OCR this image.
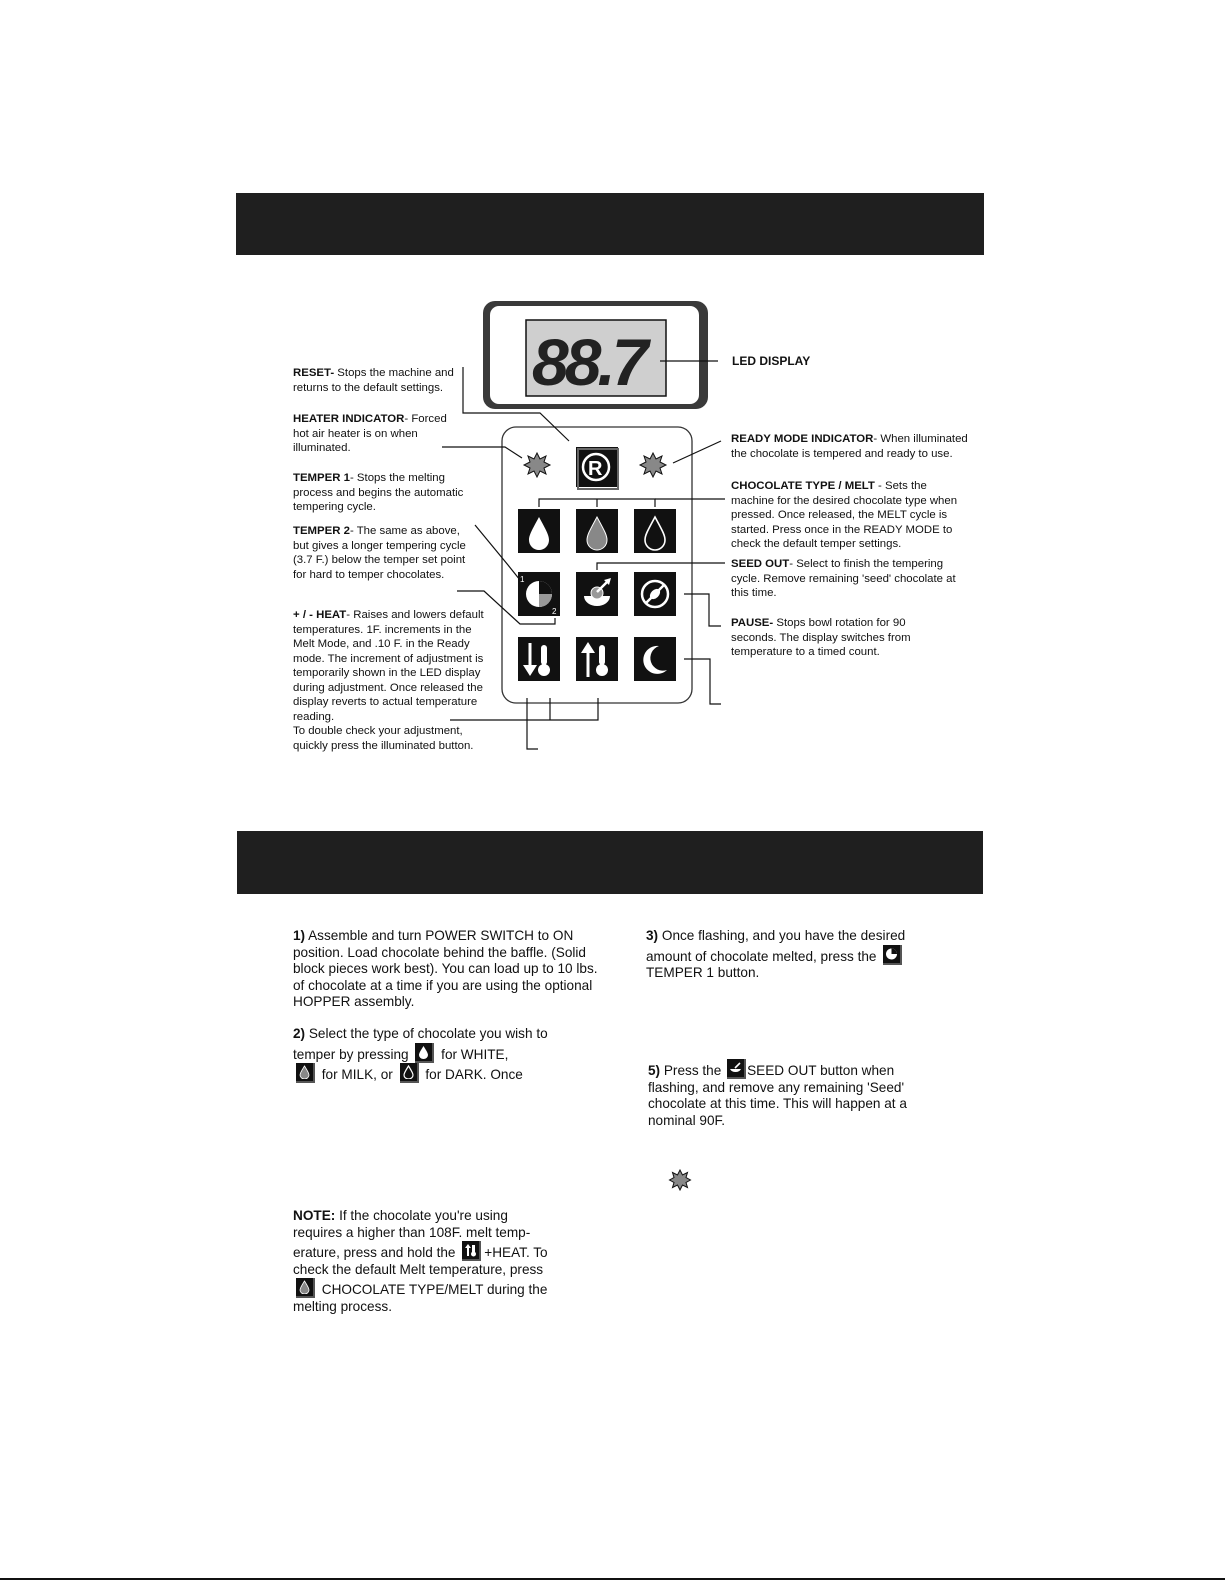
88.7
R
1
2
LED DISPLAY
RESET- Stops the machine and returns to the default settings.
HEATER INDICATOR- Forced hot air heater is on when illuminated.
TEMPER 1- Stops the melting process and begins the automatic tempering cycle.
TEMPER 2- The same as above, but gives a longer tempering cycle (3.7 F.) below the temper set point for hard to temper chocolates.
+ / - HEAT- Raises and lowers default temperatures. 1F. increments in the Melt Mode, and .10 F. in the Ready mode. The increment of adjustment is temporarily shown in the LED display during adjustment. Once released the display reverts to actual temperature reading.
To double check your adjustment, quickly press the illuminated button.
READY MODE INDICATOR- When illuminated the chocolate is tempered and ready to use.
CHOCOLATE TYPE / MELT - Sets the machine for the desired chocolate type when pressed. Once released, the MELT cycle is started. Press once in the READY MODE to check the default temper settings.
SEED OUT- Select to finish the tempering cycle. Remove remaining 'seed' chocolate at this time.
PAUSE- Stops bowl rotation for 90 seconds. The display switches from temperature to a timed count.
1) Assemble and turn POWER SWITCH to ON position. Load chocolate behind the baffle. (Solid block pieces work best). You can load up to 10 lbs. of chocolate at a time if you are using the optional HOPPER assembly.
2) Select the type of chocolate you wish to temper by pressing for WHITE,

for MILK, or for DARK. Once
NOTE: If the chocolate you're using requires a higher than 108F. melt temp-erature, press and hold the +HEAT. To check the default Melt temperature, press
CHOCOLATE TYPE/MELT during the melting process.
3) Once flashing, and you have the desired amount of chocolate melted, press the

TEMPER 1 button.
5) Press the SEED OUT button when flashing, and remove any remaining 'Seed' chocolate at this time. This will happen at a nominal 90F.
